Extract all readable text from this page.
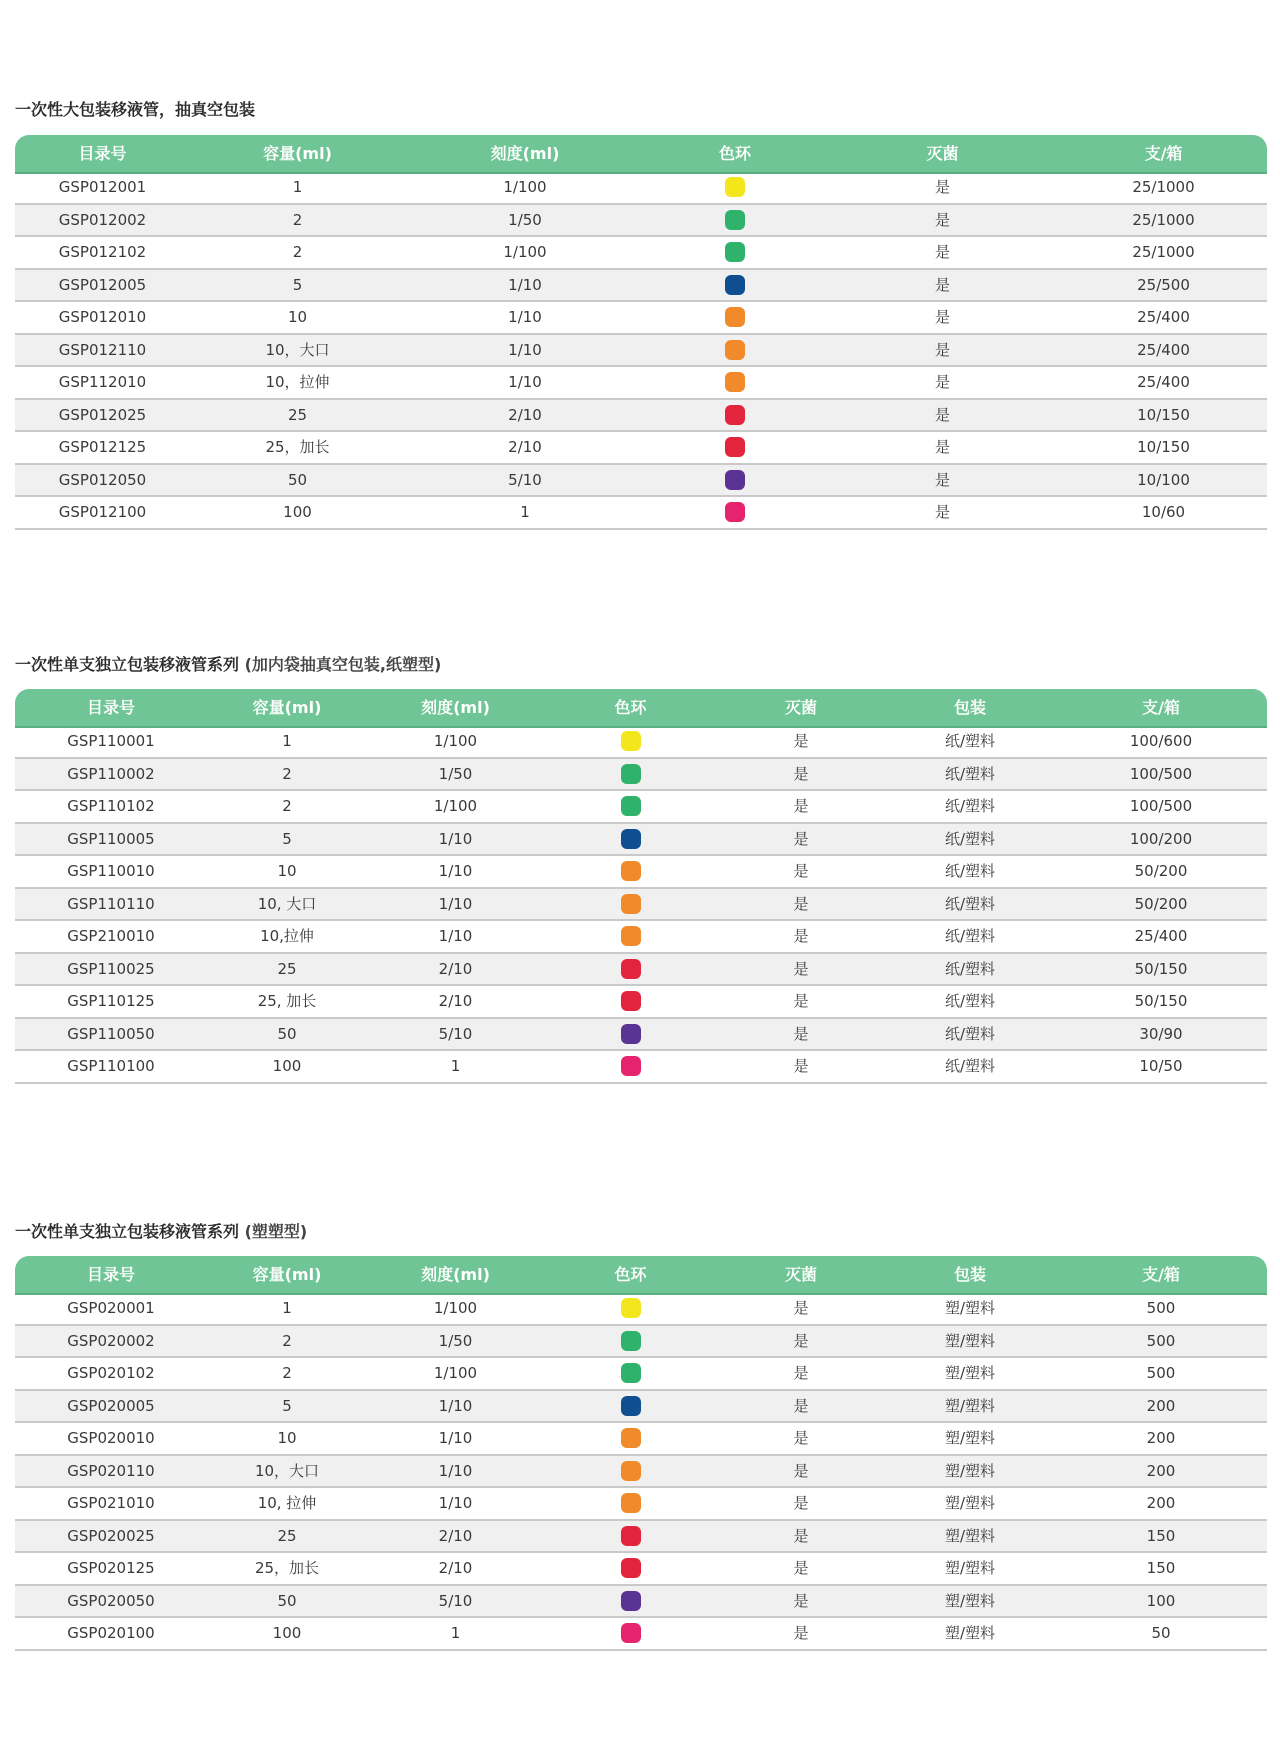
一次性大包装移液管，抽真空包装
目录号	容量(ml)	刻度(ml)	色环	灭菌	支/箱
GSP012001	1	1/100	是	25/1000
GSP012002	2	1/50	是	25/1000
GSP012102	2	1/100	是	25/1000
GSP012005	5	1/10	是	25/500
GSP012010	10	1/10	是	25/400
GSP012110	10，大口	1/10	是	25/400
GSP112010	10，拉伸	1/10	是	25/400
GSP012025	25	2/10	是	10/150
GSP012125	25，加长	2/10	是	10/150
GSP012050	50	5/10	是	10/100
GSP012100	100	1	是	10/60
一次性单支独立包装移液管系列 (加内袋抽真空包装,纸塑型)
目录号	容量(ml)	刻度(ml)	色环	灭菌	包装	支/箱
GSP110001	1	1/100	是	纸/塑料	100/600
GSP110002	2	1/50	是	纸/塑料	100/500
GSP110102	2	1/100	是	纸/塑料	100/500
GSP110005	5	1/10	是	纸/塑料	100/200
GSP110010	10	1/10	是	纸/塑料	50/200
GSP110110	10, 大口	1/10	是	纸/塑料	50/200
GSP210010	10,拉伸	1/10	是	纸/塑料	25/400
GSP110025	25	2/10	是	纸/塑料	50/150
GSP110125	25, 加长	2/10	是	纸/塑料	50/150
GSP110050	50	5/10	是	纸/塑料	30/90
GSP110100	100	1	是	纸/塑料	10/50
一次性单支独立包装移液管系列 (塑塑型)
目录号	容量(ml)	刻度(ml)	色环	灭菌	包装	支/箱
GSP020001	1	1/100	是	塑/塑料	500
GSP020002	2	1/50	是	塑/塑料	500
GSP020102	2	1/100	是	塑/塑料	500
GSP020005	5	1/10	是	塑/塑料	200
GSP020010	10	1/10	是	塑/塑料	200
GSP020110	10，大口	1/10	是	塑/塑料	200
GSP021010	10, 拉伸	1/10	是	塑/塑料	200
GSP020025	25	2/10	是	塑/塑料	150
GSP020125	25，加长	2/10	是	塑/塑料	150
GSP020050	50	5/10	是	塑/塑料	100
GSP020100	100	1	是	塑/塑料	50
